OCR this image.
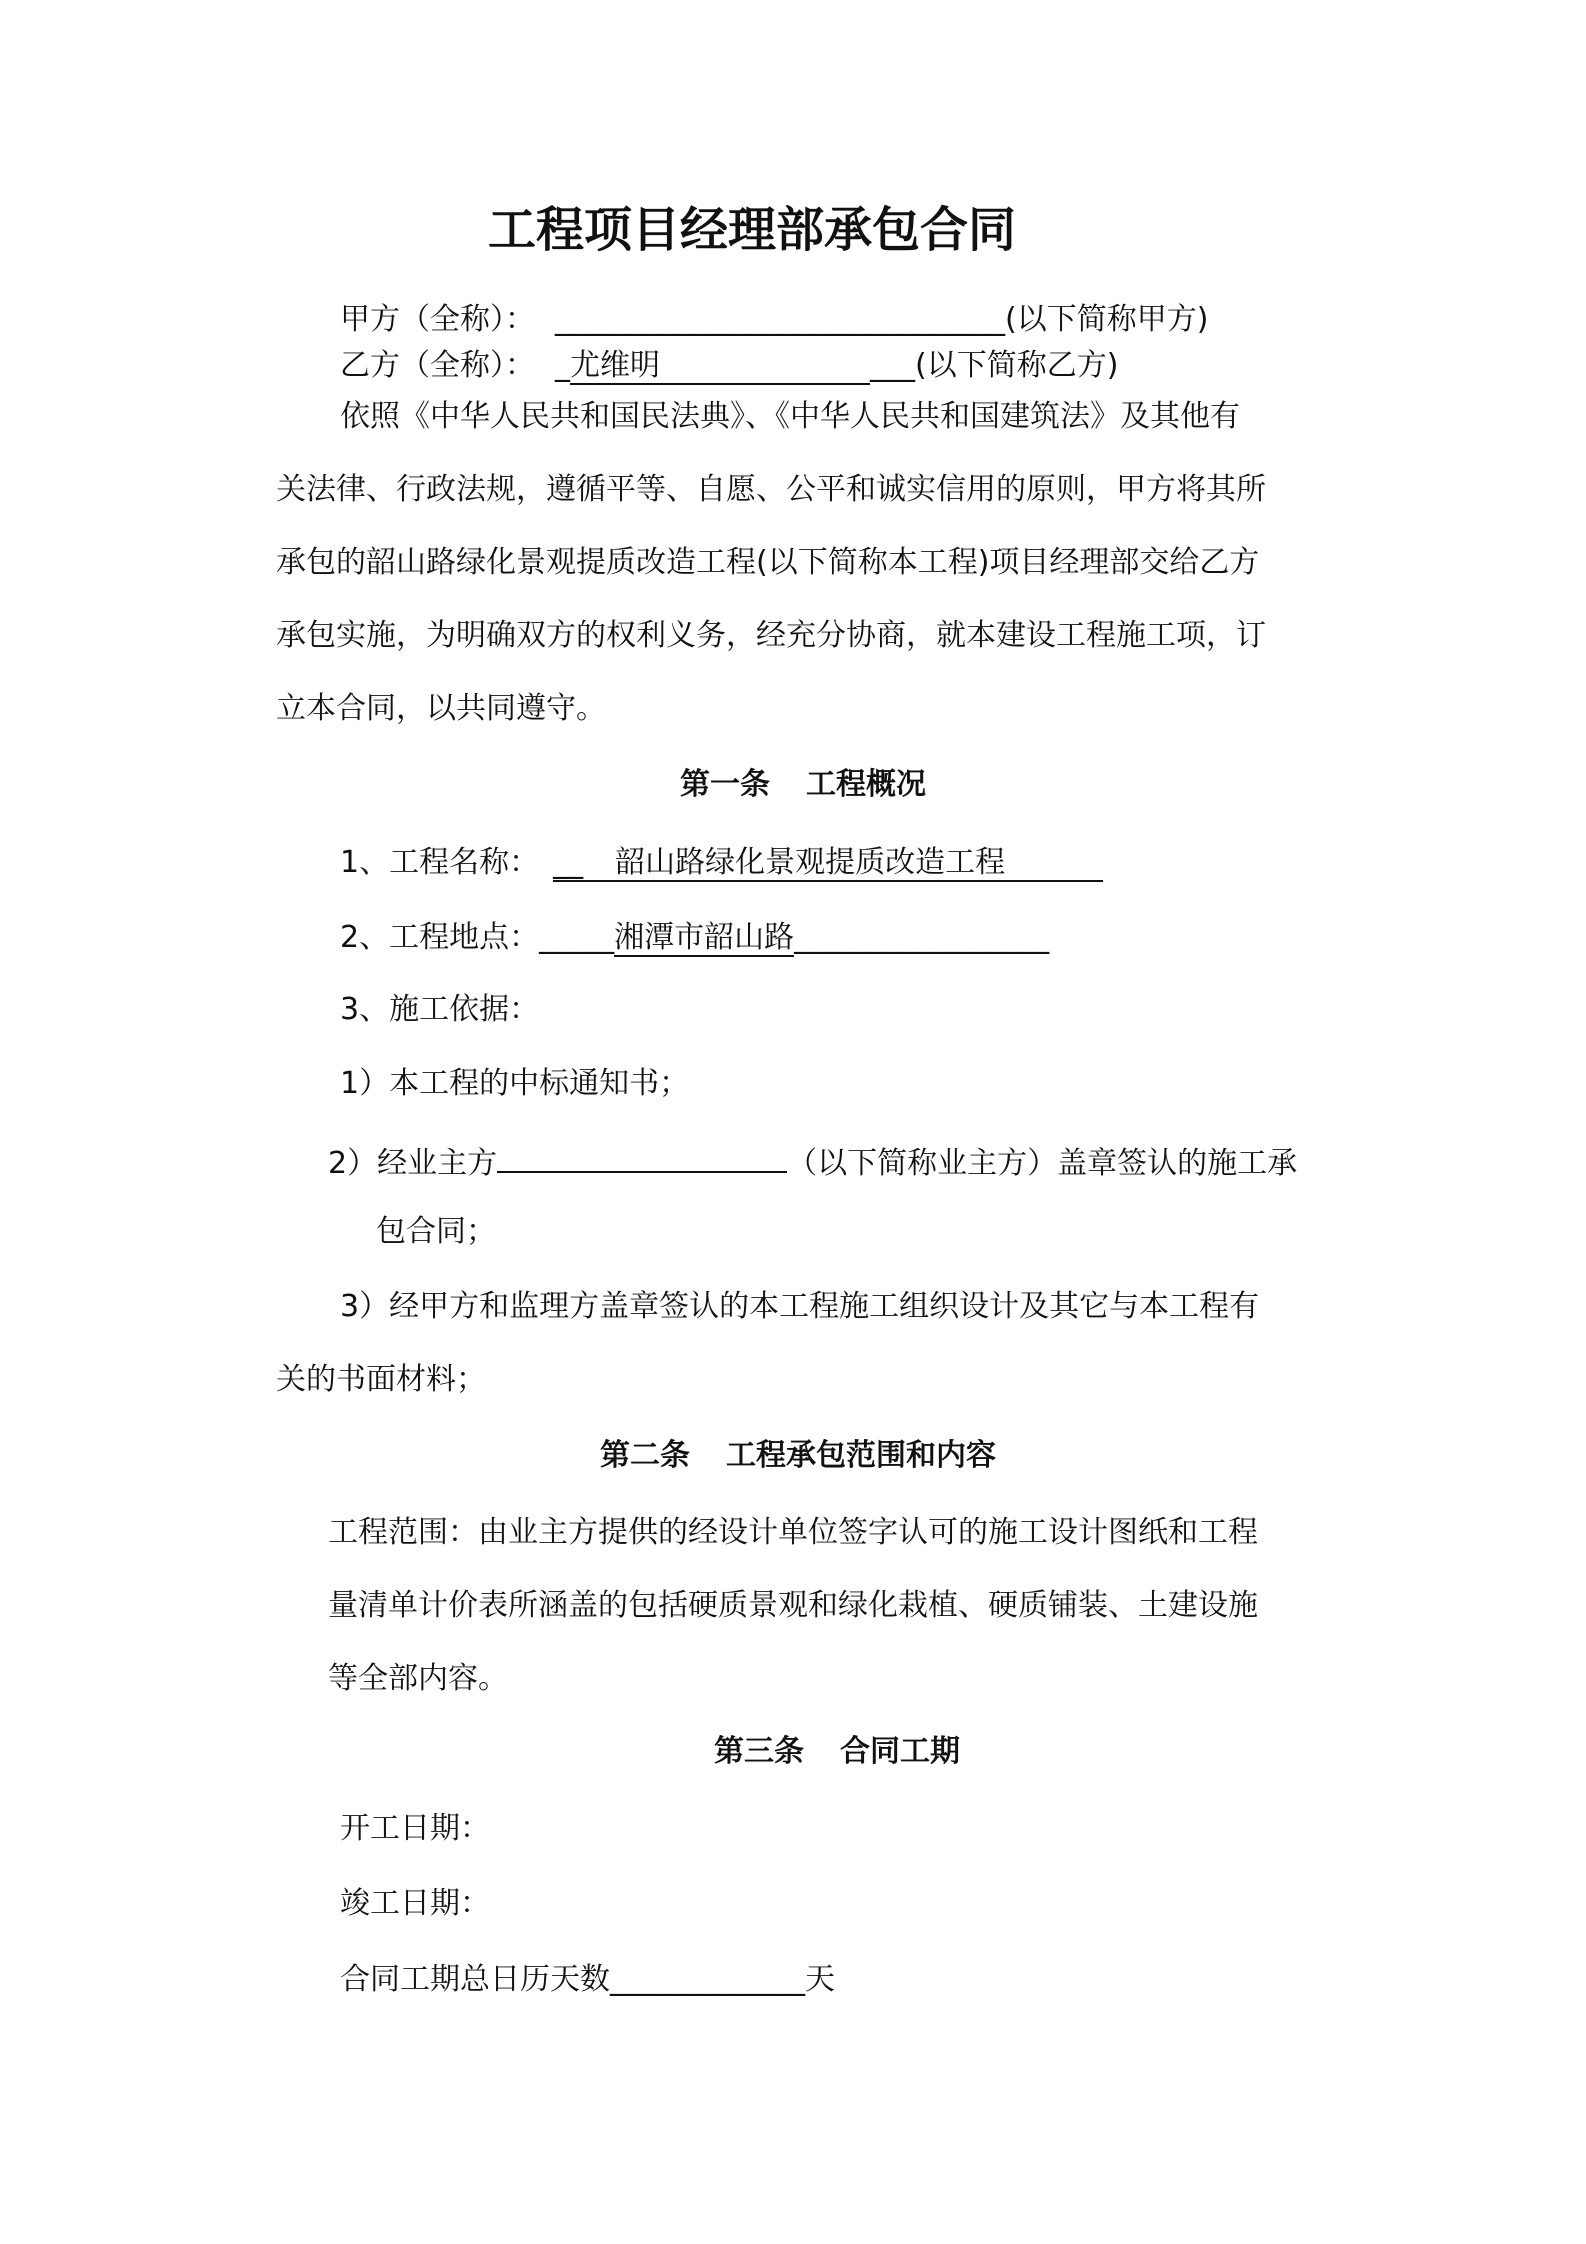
工程项目经理部承包合同
甲方（全称）： ______________________________(以下简称甲方)
乙方（全称）： _尤维明	___(以下简称乙方)
依照《中华人民共和国民法典》、《中华人民共和国建筑法》及其他有
关法律、行政法规，遵循平等、自愿、公平和诚实信用的原则，甲方将其所
承包的韶山路绿化景观提质改造工程(以下简称本工程)项目经理部交给乙方
承包实施，为明确双方的权利义务，经充分协商，就本建设工程施工项，订
立本合同，以共同遵守。
第一条 工程概况
1、工程名称： __ 韶山路绿化景观提质改造工程
2、工程地点：_____湘潭市韶山路_________________
3、施工依据：
1）本工程的中标通知书；
2）经业主方	（以下简称业主方）盖章签认的施工承
包合同；
3）经甲方和监理方盖章签认的本工程施工组织设计及其它与本工程有
关的书面材料；
第二条 工程承包范围和内容
工程范围：由业主方提供的经设计单位签字认可的施工设计图纸和工程
量清单计价表所涵盖的包括硬质景观和绿化栽植、硬质铺装、土建设施
等全部内容。
第三条 合同工期
开工日期：
竣工日期：
合同工期总日历天数_____________天
